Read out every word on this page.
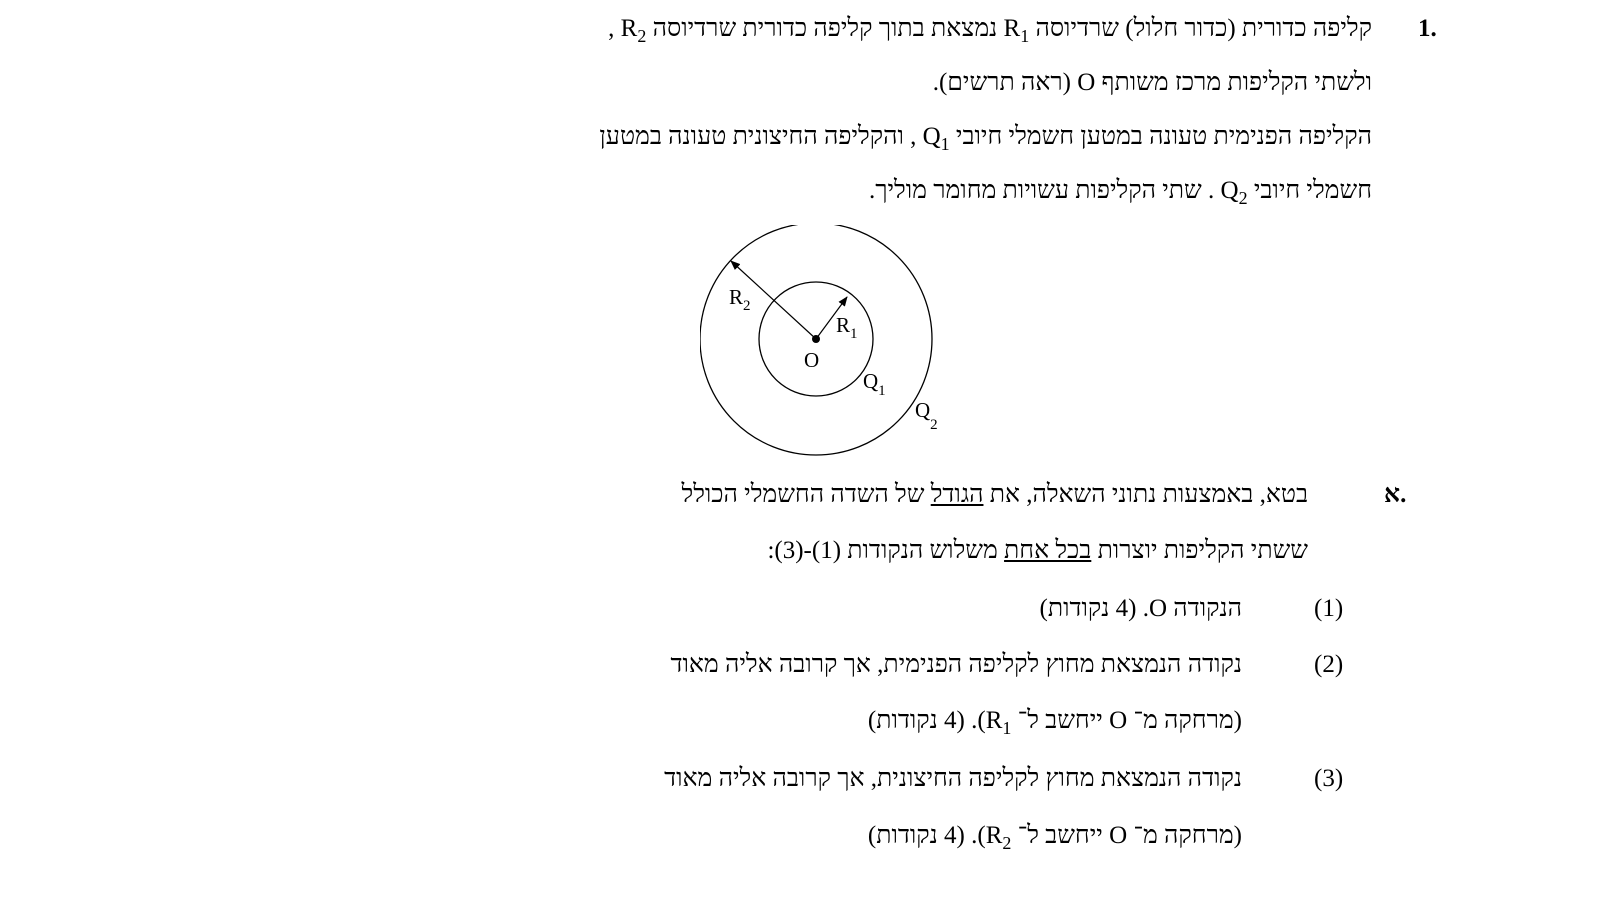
1.
קליפה כדורית (כדור חלול) שרדיוסה $R_1$ נמצאת בתוך קליפה כדורית שרדיוסה $R_2$ ,
ולשתי הקליפות מרכז משותף O (ראה תרשים).
הקליפה הפנימית טעונה במטען חשמלי חיובי $Q_1$ , והקליפה החיצונית טעונה במטען
חשמלי חיובי $Q_2$ . שתי הקליפות עשויות מחומר מוליך.
$R_2$
$R_1$
O
$Q_1$
$Q_2$
א.
בטא, באמצעות נתוני השאלה, את הגודל של השדה החשמלי הכולל
ששתי הקליפות יוצרות בכל אחת משלוש הנקודות (1)-(3):
(1)
הנקודה O. (4 נקודות)
(2)
נקודה הנמצאת מחוץ לקליפה הפנימית, אך קרובה אליה מאוד
(מרחקה מ־ O ייחשב ל־ $R_1$). (4 נקודות)
(3)
נקודה הנמצאת מחוץ לקליפה החיצונית, אך קרובה אליה מאוד
(מרחקה מ־ O ייחשב ל־ $R_2$). (4 נקודות)
